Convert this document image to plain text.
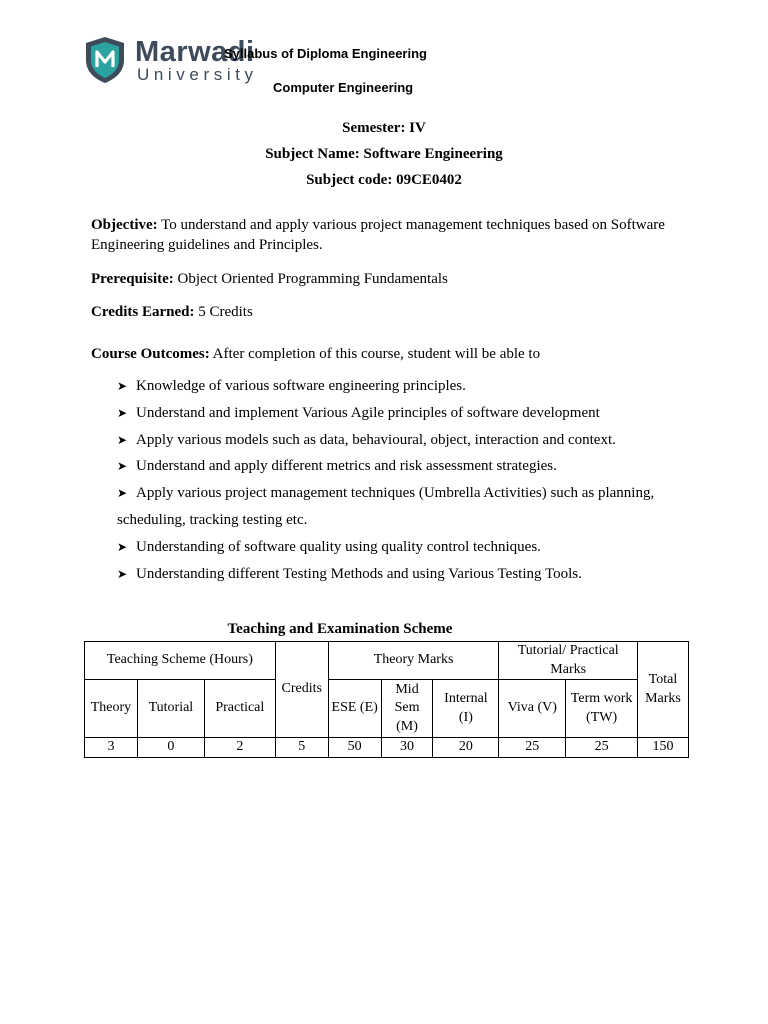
Marwadi
University
Syllabus of Diploma Engineering
Computer Engineering
Semester: IV
Subject Name: Software Engineering
Subject code: 09CE0402
Objective: To understand and apply various project management techniques based on Software Engineering guidelines and Principles.
Prerequisite: Object Oriented Programming Fundamentals
Credits Earned: 5 Credits
Course Outcomes: After completion of this course, student will be able to
➤ Knowledge of various software engineering principles.
➤ Understand and implement Various Agile principles of software development
➤ Apply various models such as data, behavioural, object, interaction and context.
➤ Understand and apply different metrics and risk assessment strategies.
➤ Apply various project management techniques (Umbrella Activities) such as planning,
scheduling, tracking testing etc.
➤ Understanding of software quality using quality control techniques.
➤ Understanding different Testing Methods and using Various Testing Tools.
Teaching and Examination Scheme
Teaching Scheme (Hours)			Credits	Theory Marks			Tutorial/ Practical Marks		Total Marks
Theory	Tutorial	Practical		ESE (E)	Mid Sem (M)	Internal (I)	Viva (V)	Term work (TW)	
3	0	2	5	50	30	20	25	25	150
